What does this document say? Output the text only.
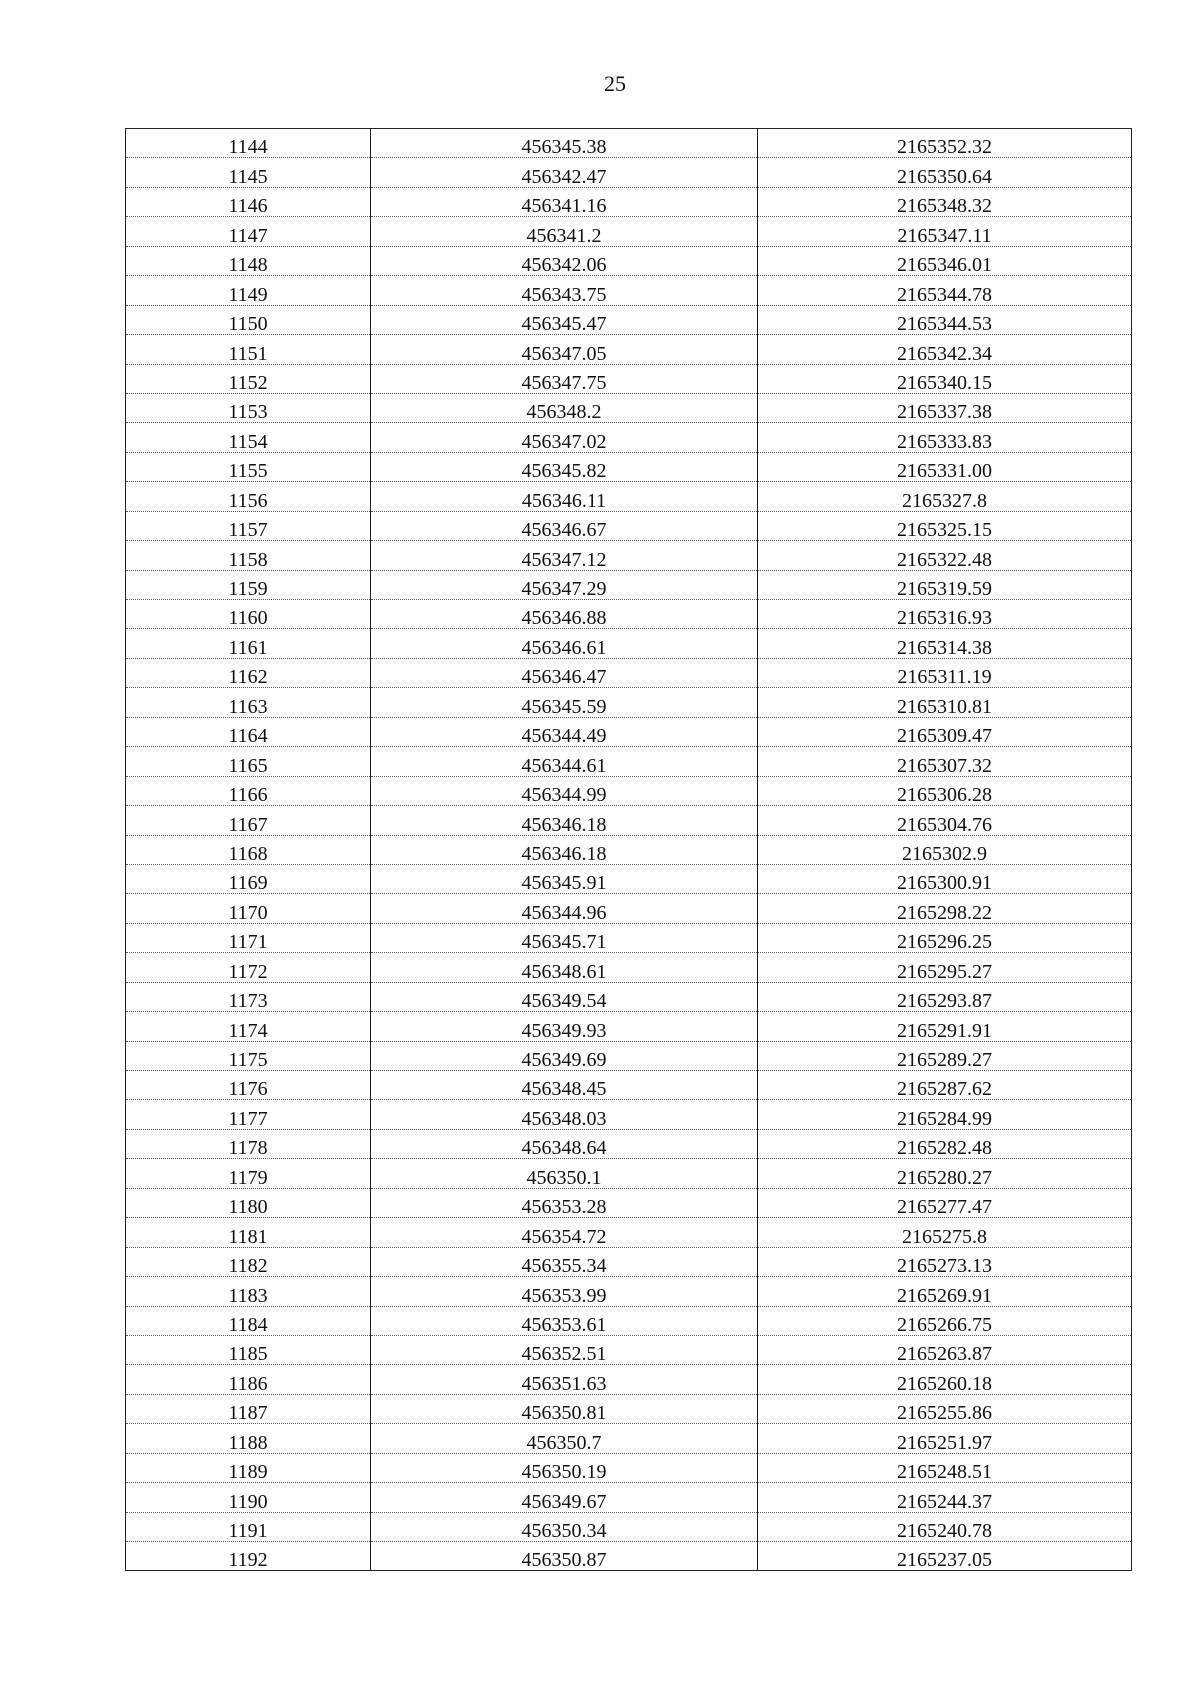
25
1144	456345.38	2165352.32
1145	456342.47	2165350.64
1146	456341.16	2165348.32
1147	456341.2	2165347.11
1148	456342.06	2165346.01
1149	456343.75	2165344.78
1150	456345.47	2165344.53
1151	456347.05	2165342.34
1152	456347.75	2165340.15
1153	456348.2	2165337.38
1154	456347.02	2165333.83
1155	456345.82	2165331.00
1156	456346.11	2165327.8
1157	456346.67	2165325.15
1158	456347.12	2165322.48
1159	456347.29	2165319.59
1160	456346.88	2165316.93
1161	456346.61	2165314.38
1162	456346.47	2165311.19
1163	456345.59	2165310.81
1164	456344.49	2165309.47
1165	456344.61	2165307.32
1166	456344.99	2165306.28
1167	456346.18	2165304.76
1168	456346.18	2165302.9
1169	456345.91	2165300.91
1170	456344.96	2165298.22
1171	456345.71	2165296.25
1172	456348.61	2165295.27
1173	456349.54	2165293.87
1174	456349.93	2165291.91
1175	456349.69	2165289.27
1176	456348.45	2165287.62
1177	456348.03	2165284.99
1178	456348.64	2165282.48
1179	456350.1	2165280.27
1180	456353.28	2165277.47
1181	456354.72	2165275.8
1182	456355.34	2165273.13
1183	456353.99	2165269.91
1184	456353.61	2165266.75
1185	456352.51	2165263.87
1186	456351.63	2165260.18
1187	456350.81	2165255.86
1188	456350.7	2165251.97
1189	456350.19	2165248.51
1190	456349.67	2165244.37
1191	456350.34	2165240.78
1192	456350.87	2165237.05
